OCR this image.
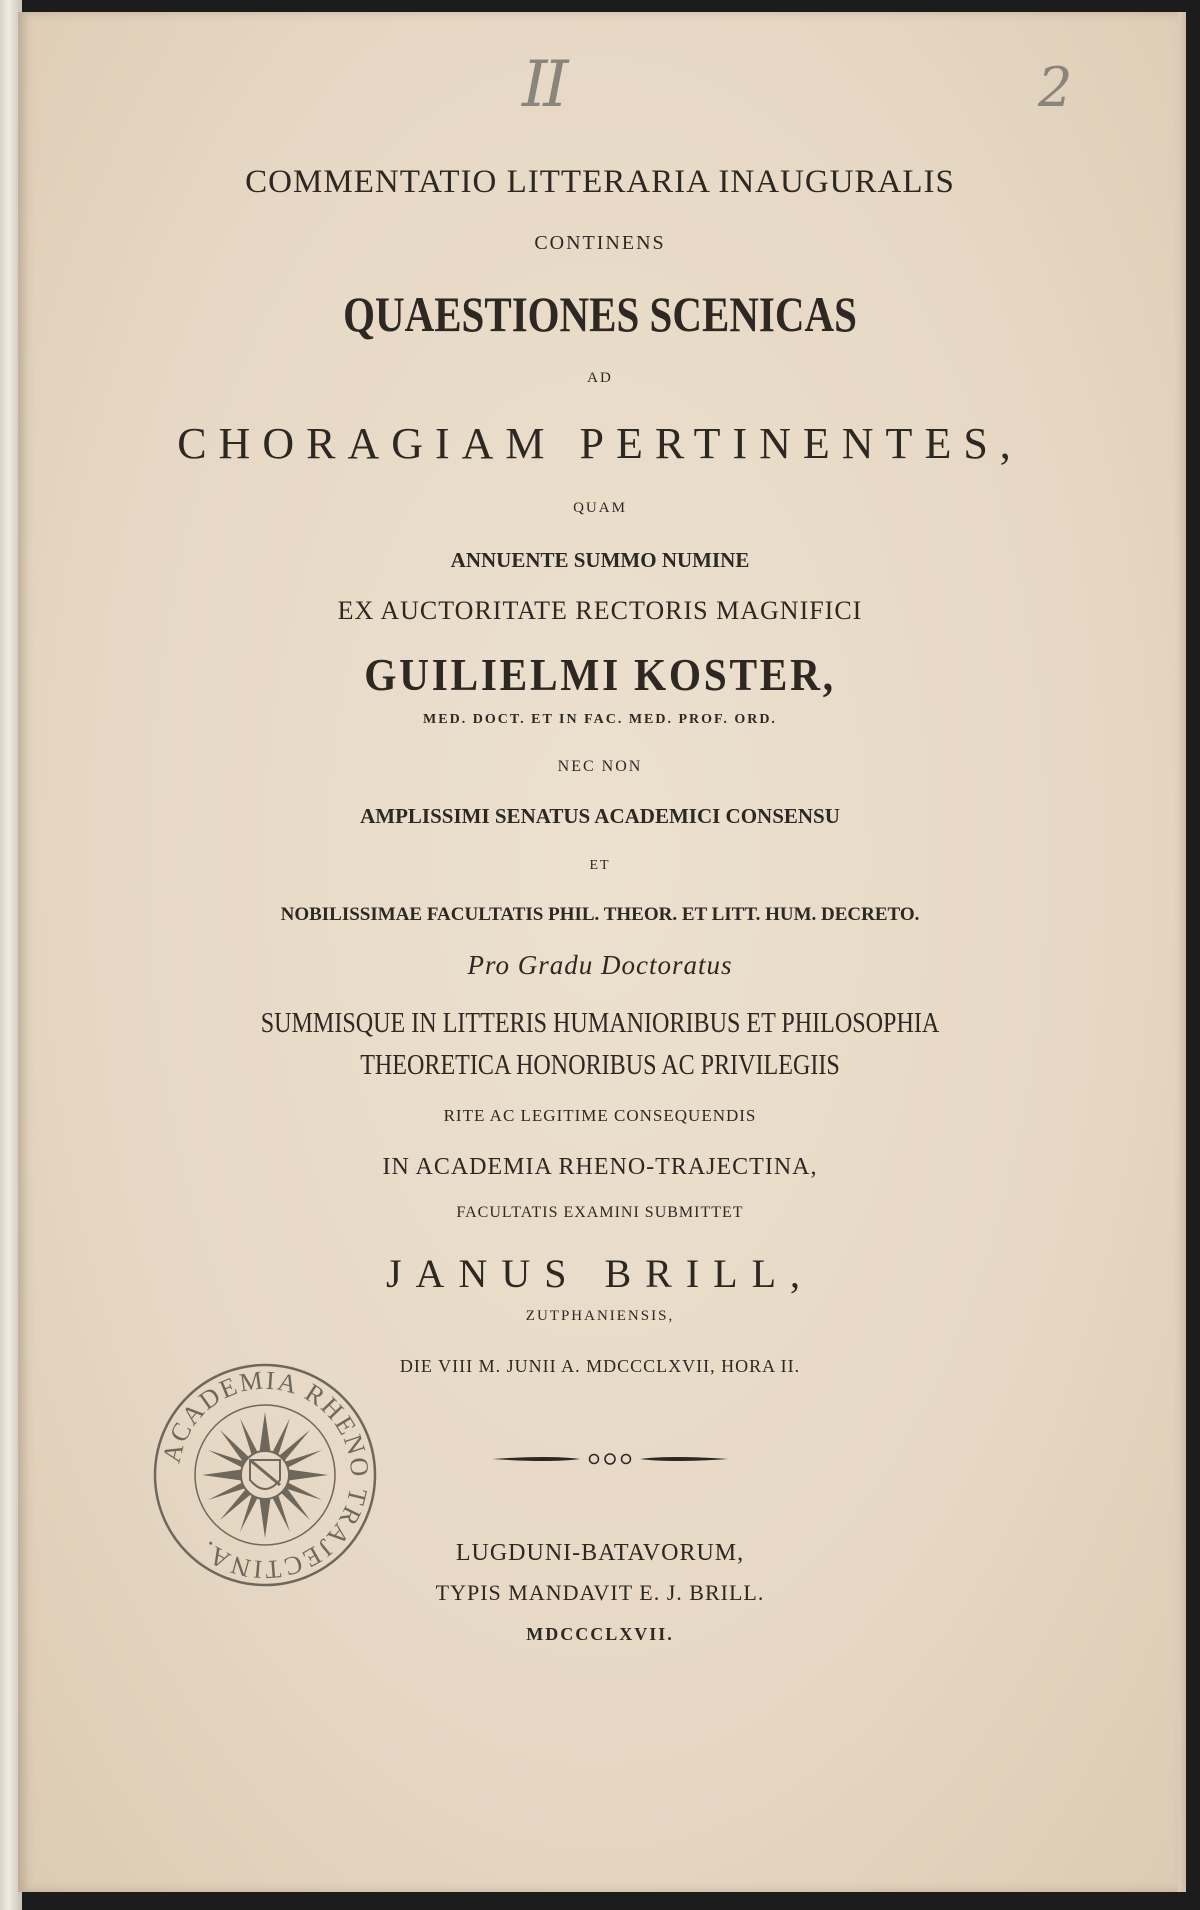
II	2
COMMENTATIO LITTERARIA INAUGURALIS
CONTINENS
QUAESTIONES SCENICAS
AD
CHORAGIAM PERTINENTES,
QUAM
ANNUENTE SUMMO NUMINE
EX AUCTORITATE RECTORIS MAGNIFICI
GUILIELMI KOSTER,
MED. DOCT. ET IN FAC. MED. PROF. ORD.
NEC NON
AMPLISSIMI SENATUS ACADEMICI CONSENSU
ET
NOBILISSIMAE FACULTATIS PHIL. THEOR. ET LITT. HUM. DECRETO.
Pro Gradu Doctoratus
SUMMISQUE IN LITTERIS HUMANIORIBUS ET PHILOSOPHIA
THEORETICA HONORIBUS AC PRIVILEGIIS
RITE AC LEGITIME CONSEQUENDIS
IN ACADEMIA RHENO-TRAJECTINA,
FACULTATIS EXAMINI SUBMITTET
JANUS BRILL,
ZUTPHANIENSIS,
DIE VIII M. JUNII A. MDCCCLXVII, HORA II.
ACADEMIA RHENO TRAJECTINA.	LUGDUNI-BATAVORUM,
TYPIS MANDAVIT E. J. BRILL.
MDCCCLXVII.
